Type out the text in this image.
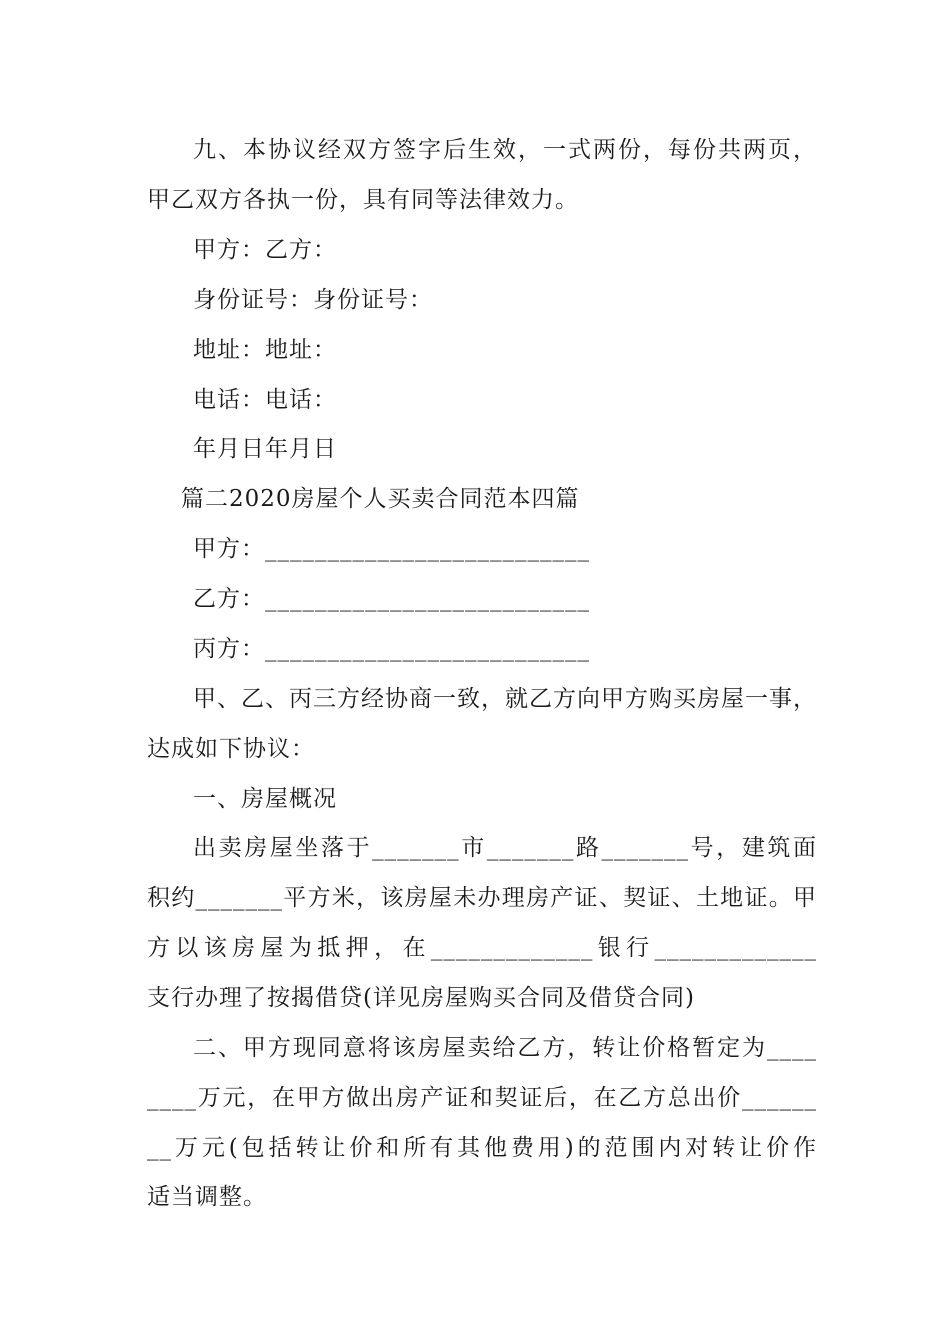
九、本协议经双方签字后生效，一式两份，每份共两页，
甲乙双方各执一份，具有同等法律效力。
甲方：乙方：
身份证号：身份证号：
地址：地址：
电话：电话：
年月日年月日
篇二2020房屋个人买卖合同范本四篇
甲方：__________________________
乙方：__________________________
丙方：__________________________
甲、乙、丙三方经协商一致，就乙方向甲方购买房屋一事，
达成如下协议：
一、房屋概况
出卖房屋坐落于_______市_______路_______号，建筑面
积约_______平方米，该房屋未办理房产证、契证、土地证。甲
方以该房屋为抵押，在_____________银行_____________
支行办理了按揭借贷(详见房屋购买合同及借贷合同)
二、甲方现同意将该房屋卖给乙方，转让价格暂定为____
____万元，在甲方做出房产证和契证后，在乙方总出价______
__万元(包括转让价和所有其他费用)的范围内对转让价作
适当调整。
